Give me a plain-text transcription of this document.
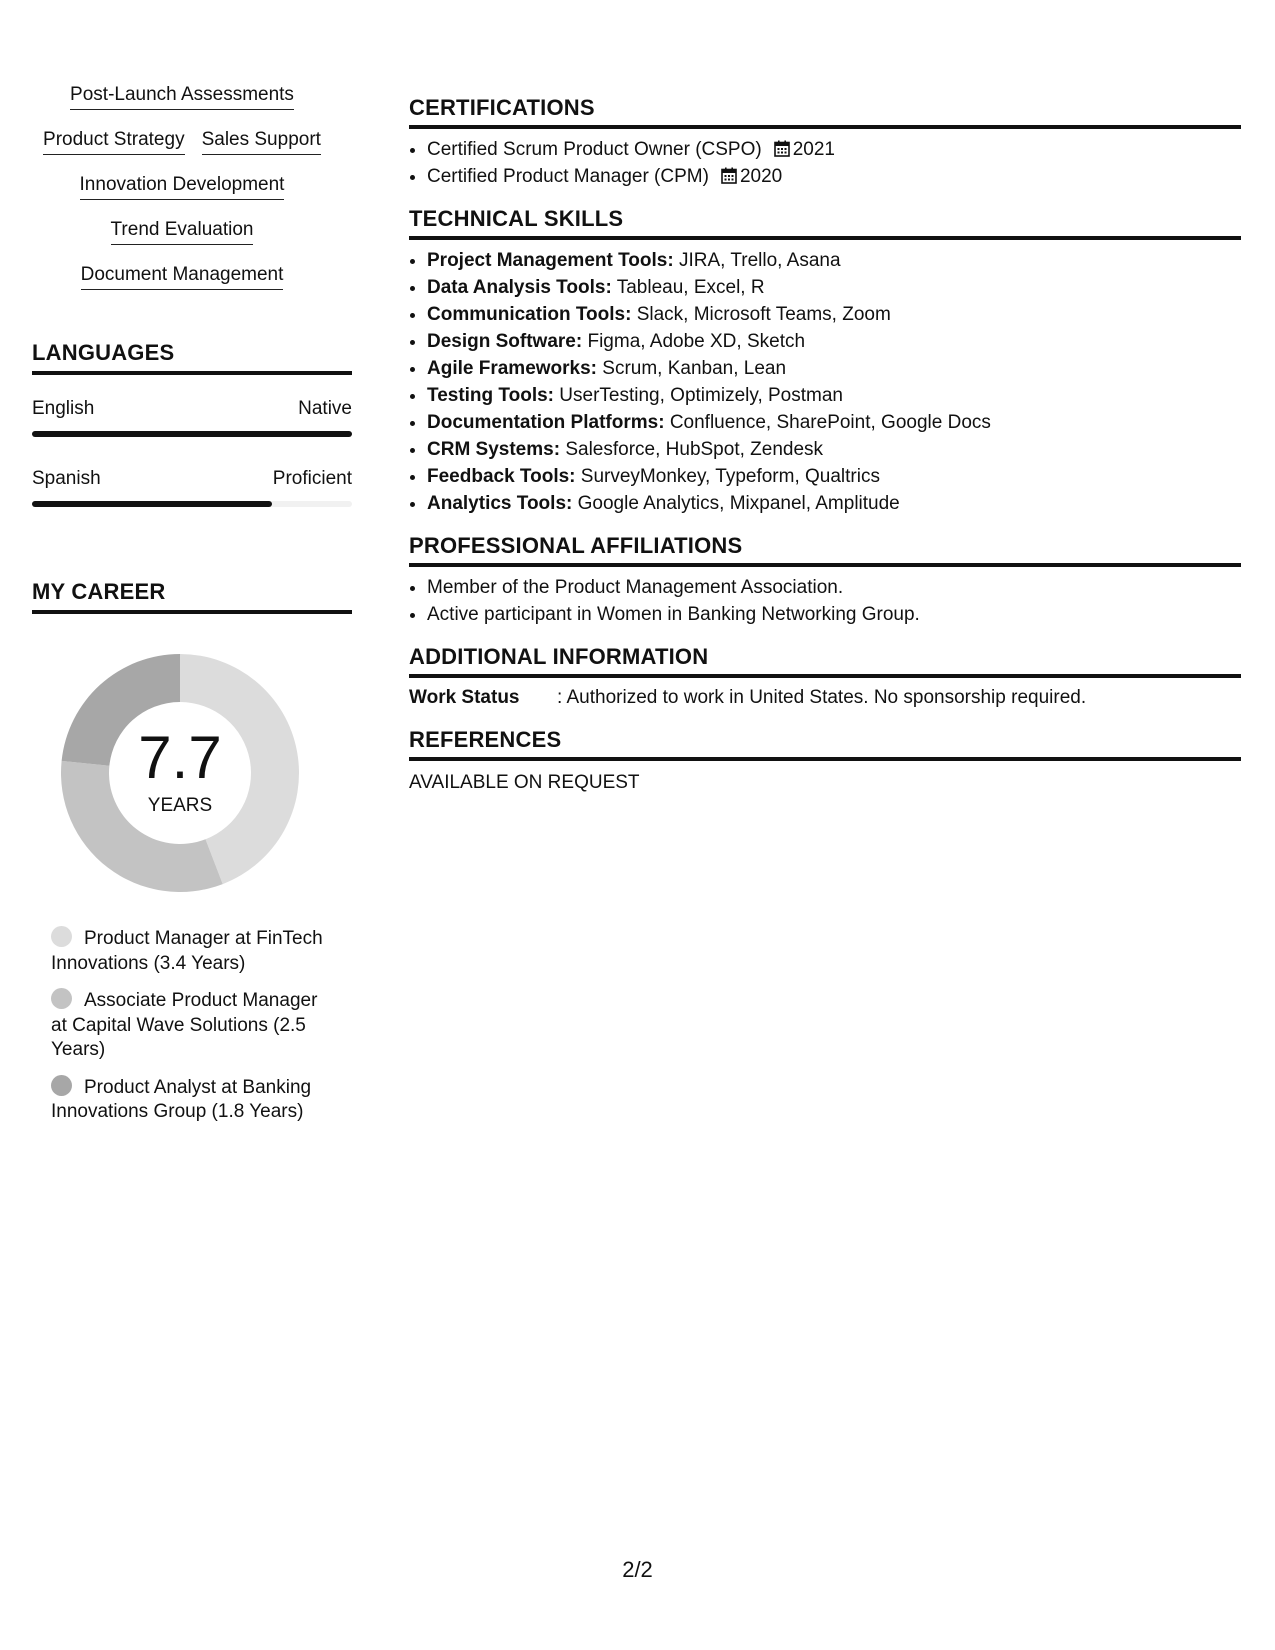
Post-Launch Assessments
Product Strategy Sales Support
Innovation Development
Trend Evaluation
Document Management
LANGUAGES
English	Native
Spanish	Proficient
MY CAREER
7.7
YEARS
Product Manager at FinTech Innovations (3.4 Years)
Associate Product Manager at Capital Wave Solutions (2.5 Years)
Product Analyst at Banking Innovations Group (1.8 Years)
CERTIFICATIONS
• Certified Scrum Product Owner (CSPO) 2021
• Certified Product Manager (CPM) 2020
TECHNICAL SKILLS
• Project Management Tools: JIRA, Trello, Asana
• Data Analysis Tools: Tableau, Excel, R
• Communication Tools: Slack, Microsoft Teams, Zoom
• Design Software: Figma, Adobe XD, Sketch
• Agile Frameworks: Scrum, Kanban, Lean
• Testing Tools: UserTesting, Optimizely, Postman
• Documentation Platforms: Confluence, SharePoint, Google Docs
• CRM Systems: Salesforce, HubSpot, Zendesk
• Feedback Tools: SurveyMonkey, Typeform, Qualtrics
• Analytics Tools: Google Analytics, Mixpanel, Amplitude
PROFESSIONAL AFFILIATIONS
• Member of the Product Management Association.
• Active participant in Women in Banking Networking Group.
ADDITIONAL INFORMATION
Work Status	: Authorized to work in United States. No sponsorship required.
REFERENCES
AVAILABLE ON REQUEST
2/2
